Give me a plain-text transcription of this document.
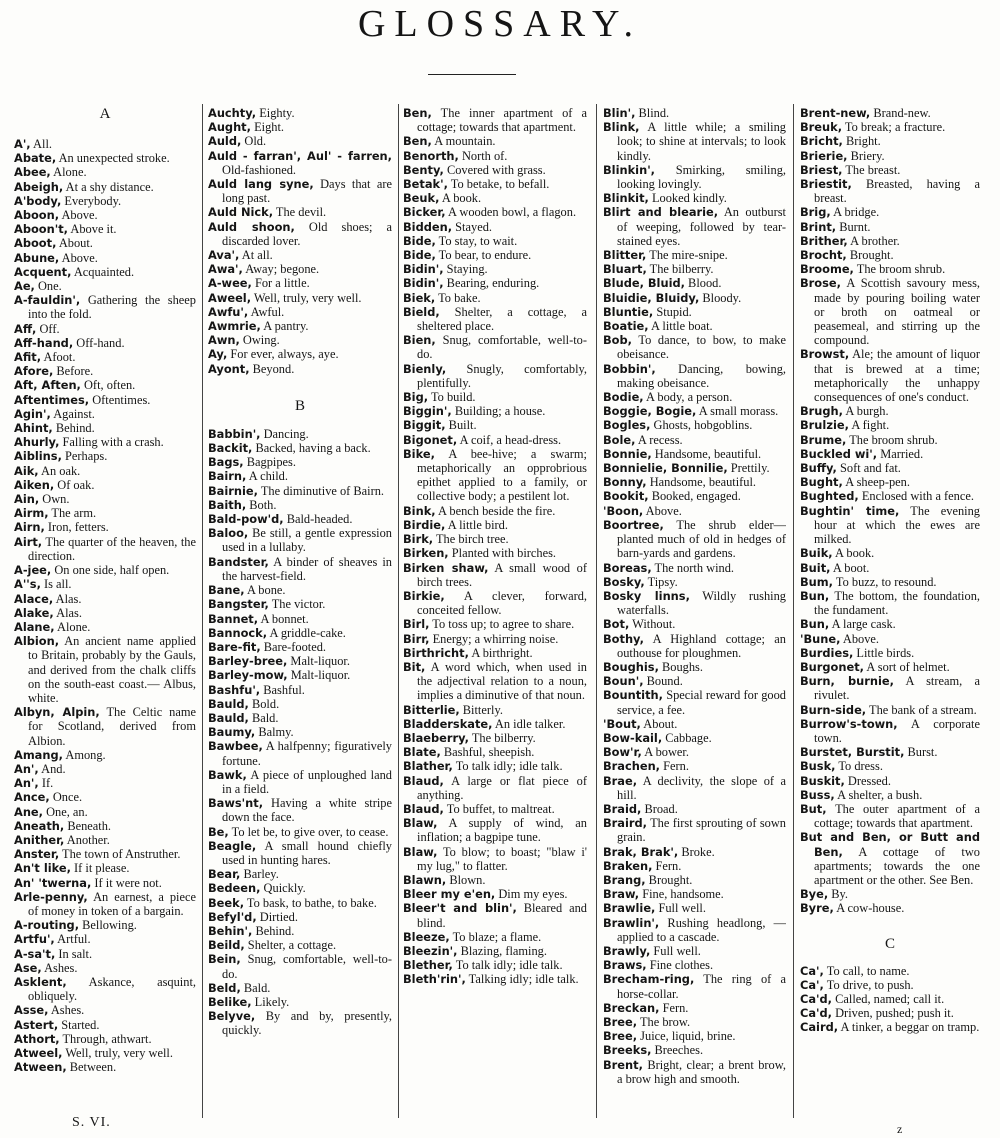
GLOSSARY.
A
A', All.
Abate, An unexpected stroke.
Abee, Alone.
Abeigh, At a shy distance.
A'body, Everybody.
Aboon, Above.
Aboon't, Above it.
Aboot, About.
Abune, Above.
Acquent, Acquainted.
Ae, One.
A-fauldin', Gathering the sheep into the fold.
Aff, Off.
Aff-hand, Off-hand.
Afit, Afoot.
Afore, Before.
Aft, Aften, Oft, often.
Aftentimes, Oftentimes.
Agin', Against.
Ahint, Behind.
Ahurly, Falling with a crash.
Aiblins, Perhaps.
Aik, An oak.
Aiken, Of oak.
Ain, Own.
Airm, The arm.
Airn, Iron, fetters.
Airt, The quarter of the heaven, the direction.
A-jee, On one side, half open.
A''s, Is all.
Alace, Alas.
Alake, Alas.
Alane, Alone.
Albion, An ancient name applied to Britain, probably by the Gauls, and derived from the chalk cliffs on the south-east coast.— Albus, white.
Albyn, Alpin, The Celtic name for Scotland, derived from Albion.
Amang, Among.
An', And.
An', If.
Ance, Once.
Ane, One, an.
Aneath, Beneath.
Anither, Another.
Anster, The town of Anstruther.
An't like, If it please.
An' 'twerna, If it were not.
Arle-penny, An earnest, a piece of money in token of a bargain.
A-routing, Bellowing.
Artfu', Artful.
A-sa't, In salt.
Ase, Ashes.
Asklent, Askance, asquint, obliquely.
Asse, Ashes.
Astert, Started.
Athort, Through, athwart.
Atweel, Well, truly, very well.
Atween, Between.
Auchty, Eighty.
Aught, Eight.
Auld, Old.
Auld - farran', Aul' - farren, Old-fashioned.
Auld lang syne, Days that are long past.
Auld Nick, The devil.
Auld shoon, Old shoes; a discarded lover.
Ava', At all.
Awa', Away; begone.
A-wee, For a little.
Aweel, Well, truly, very well.
Awfu', Awful.
Awmrie, A pantry.
Awn, Owing.
Ay, For ever, always, aye.
Ayont, Beyond.
B
Babbin', Dancing.
Backit, Backed, having a back.
Bags, Bagpipes.
Bairn, A child.
Bairnie, The diminutive of Bairn.
Baith, Both.
Bald-pow'd, Bald-headed.
Baloo, Be still, a gentle expression used in a lullaby.
Bandster, A binder of sheaves in the harvest-field.
Bane, A bone.
Bangster, The victor.
Bannet, A bonnet.
Bannock, A griddle-cake.
Bare-fit, Bare-footed.
Barley-bree, Malt-liquor.
Barley-mow, Malt-liquor.
Bashfu', Bashful.
Bauld, Bold.
Bauld, Bald.
Baumy, Balmy.
Bawbee, A halfpenny; figuratively fortune.
Bawk, A piece of unploughed land in a field.
Baws'nt, Having a white stripe down the face.
Be, To let be, to give over, to cease.
Beagle, A small hound chiefly used in hunting hares.
Bear, Barley.
Bedeen, Quickly.
Beek, To bask, to bathe, to bake.
Befyl'd, Dirtied.
Behin', Behind.
Beild, Shelter, a cottage.
Bein, Snug, comfortable, well-to-do.
Beld, Bald.
Belike, Likely.
Belyve, By and by, presently, quickly.
Ben, The inner apartment of a cottage; towards that apartment.
Ben, A mountain.
Benorth, North of.
Benty, Covered with grass.
Betak', To betake, to befall.
Beuk, A book.
Bicker, A wooden bowl, a flagon.
Bidden, Stayed.
Bide, To stay, to wait.
Bide, To bear, to endure.
Bidin', Staying.
Bidin', Bearing, enduring.
Biek, To bake.
Bield, Shelter, a cottage, a sheltered place.
Bien, Snug, comfortable, well-to-do.
Bienly, Snugly, comfortably, plentifully.
Big, To build.
Biggin', Building; a house.
Biggit, Built.
Bigonet, A coif, a head-dress.
Bike, A bee-hive; a swarm; metaphorically an opprobrious epithet applied to a family, or collective body; a pestilent lot.
Bink, A bench beside the fire.
Birdie, A little bird.
Birk, The birch tree.
Birken, Planted with birches.
Birken shaw, A small wood of birch trees.
Birkie, A clever, forward, conceited fellow.
Birl, To toss up; to agree to share.
Birr, Energy; a whirring noise.
Birthricht, A birthright.
Bit, A word which, when used in the adjectival relation to a noun, implies a diminutive of that noun.
Bitterlie, Bitterly.
Bladderskate, An idle talker.
Blaeberry, The bilberry.
Blate, Bashful, sheepish.
Blather, To talk idly; idle talk.
Blaud, A large or flat piece of anything.
Blaud, To buffet, to maltreat.
Blaw, A supply of wind, an inflation; a bagpipe tune.
Blaw, To blow; to boast; "blaw i' my lug," to flatter.
Blawn, Blown.
Bleer my e'en, Dim my eyes.
Bleer't and blin', Bleared and blind.
Bleeze, To blaze; a flame.
Bleezin', Blazing, flaming.
Blether, To talk idly; idle talk.
Bleth'rin', Talking idly; idle talk.
Blin', Blind.
Blink, A little while; a smiling look; to shine at intervals; to look kindly.
Blinkin', Smirking, smiling, looking lovingly.
Blinkit, Looked kindly.
Blirt and blearie, An outburst of weeping, followed by tear-stained eyes.
Blitter, The mire-snipe.
Bluart, The bilberry.
Blude, Bluid, Blood.
Bluidie, Bluidy, Bloody.
Bluntie, Stupid.
Boatie, A little boat.
Bob, To dance, to bow, to make obeisance.
Bobbin', Dancing, bowing, making obeisance.
Bodie, A body, a person.
Boggie, Bogie, A small morass.
Bogles, Ghosts, hobgoblins.
Bole, A recess.
Bonnie, Handsome, beautiful.
Bonnielie, Bonnilie, Prettily.
Bonny, Handsome, beautiful.
Bookit, Booked, engaged.
'Boon, Above.
Boortree, The shrub elder—planted much of old in hedges of barn-yards and gardens.
Boreas, The north wind.
Bosky, Tipsy.
Bosky linns, Wildly rushing waterfalls.
Bot, Without.
Bothy, A Highland cottage; an outhouse for ploughmen.
Boughis, Boughs.
Boun', Bound.
Bountith, Special reward for good service, a fee.
'Bout, About.
Bow-kail, Cabbage.
Bow'r, A bower.
Brachen, Fern.
Brae, A declivity, the slope of a hill.
Braid, Broad.
Braird, The first sprouting of sown grain.
Brak, Brak', Broke.
Braken, Fern.
Brang, Brought.
Braw, Fine, handsome.
Brawlie, Full well.
Brawlin', Rushing headlong, —applied to a cascade.
Brawly, Full well.
Braws, Fine clothes.
Brecham-ring, The ring of a horse-collar.
Breckan, Fern.
Bree, The brow.
Bree, Juice, liquid, brine.
Breeks, Breeches.
Brent, Bright, clear; a brent brow, a brow high and smooth.
Brent-new, Brand-new.
Breuk, To break; a fracture.
Bricht, Bright.
Brierie, Briery.
Briest, The breast.
Briestit, Breasted, having a breast.
Brig, A bridge.
Brint, Burnt.
Brither, A brother.
Brocht, Brought.
Broome, The broom shrub.
Brose, A Scottish savoury mess, made by pouring boiling water or broth on oatmeal or peasemeal, and stirring up the compound.
Browst, Ale; the amount of liquor that is brewed at a time; metaphorically the unhappy consequences of one's conduct.
Brugh, A burgh.
Brulzie, A fight.
Brume, The broom shrub.
Buckled wi', Married.
Buffy, Soft and fat.
Bught, A sheep-pen.
Bughted, Enclosed with a fence.
Bughtin' time, The evening hour at which the ewes are milked.
Buik, A book.
Buit, A boot.
Bum, To buzz, to resound.
Bun, The bottom, the foundation, the fundament.
Bun, A large cask.
'Bune, Above.
Burdies, Little birds.
Burgonet, A sort of helmet.
Burn, burnie, A stream, a rivulet.
Burn-side, The bank of a stream.
Burrow's-town, A corporate town.
Burstet, Burstit, Burst.
Busk, To dress.
Buskit, Dressed.
Buss, A shelter, a bush.
But, The outer apartment of a cottage; towards that apartment.
But and Ben, or Butt and Ben, A cottage of two apartments; towards the one apartment or the other. See Ben.
Bye, By.
Byre, A cow-house.
C
Ca', To call, to name.
Ca', To drive, to push.
Ca'd, Called, named; call it.
Ca'd, Driven, pushed; push it.
Caird, A tinker, a beggar on tramp.
S. VI.	z
